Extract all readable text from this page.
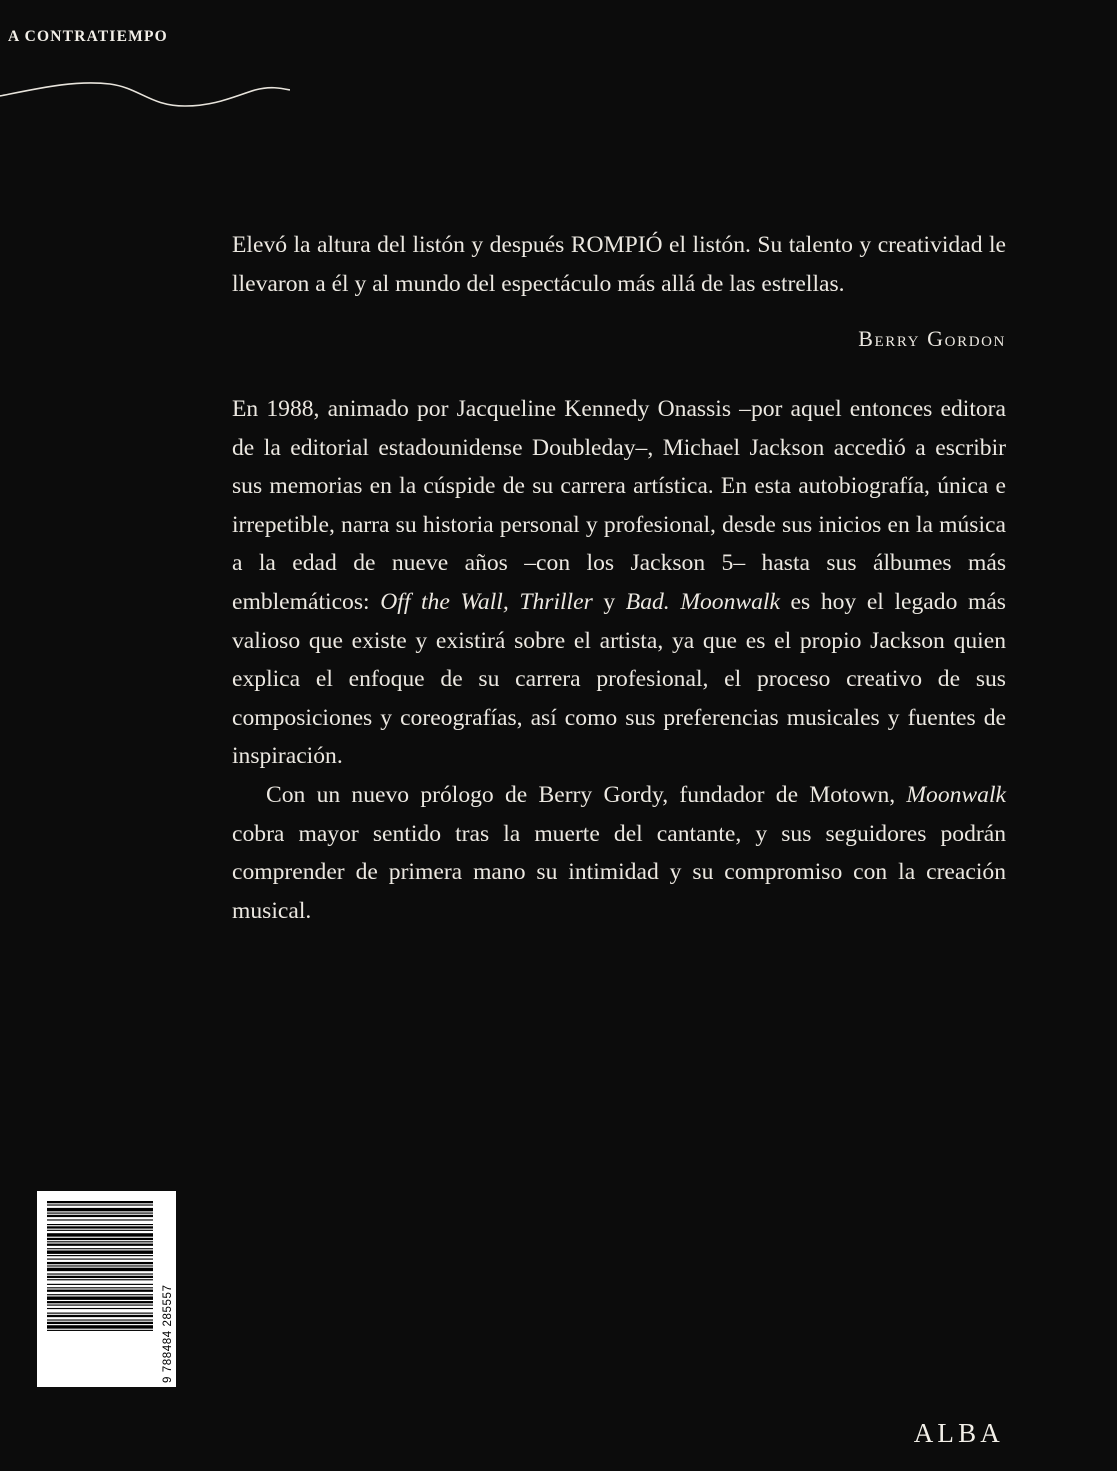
A CONTRATIEMPO

Elevó la altura del listón y después ROMPIÓ el listón. Su talento y creatividad le llevaron a él y al mundo del espectáculo más allá de las estrellas.

Berry Gordon

En 1988, animado por Jacqueline Kennedy Onassis –por aquel entonces editora de la editorial estadounidense Doubleday–, Michael Jackson accedió a escribir sus memorias en la cúspide de su carrera artística. En esta autobiografía, única e irrepetible, narra su historia personal y profesional, desde sus inicios en la música a la edad de nueve años –con los Jackson 5– hasta sus álbumes más emblemáticos: Off the Wall, Thriller y Bad. Moonwalk es hoy el legado más valioso que existe y existirá sobre el artista, ya que es el propio Jackson quien explica el enfoque de su carrera profesional, el proceso creativo de sus composiciones y coreografías, así como sus preferencias musicales y fuentes de inspiración.

Con un nuevo prólogo de Berry Gordy, fundador de Motown, Moonwalk cobra mayor sentido tras la muerte del cantante, y sus seguidores podrán comprender de primera mano su intimidad y su compromiso con la creación musical.

9 788484 285557
ALBA
